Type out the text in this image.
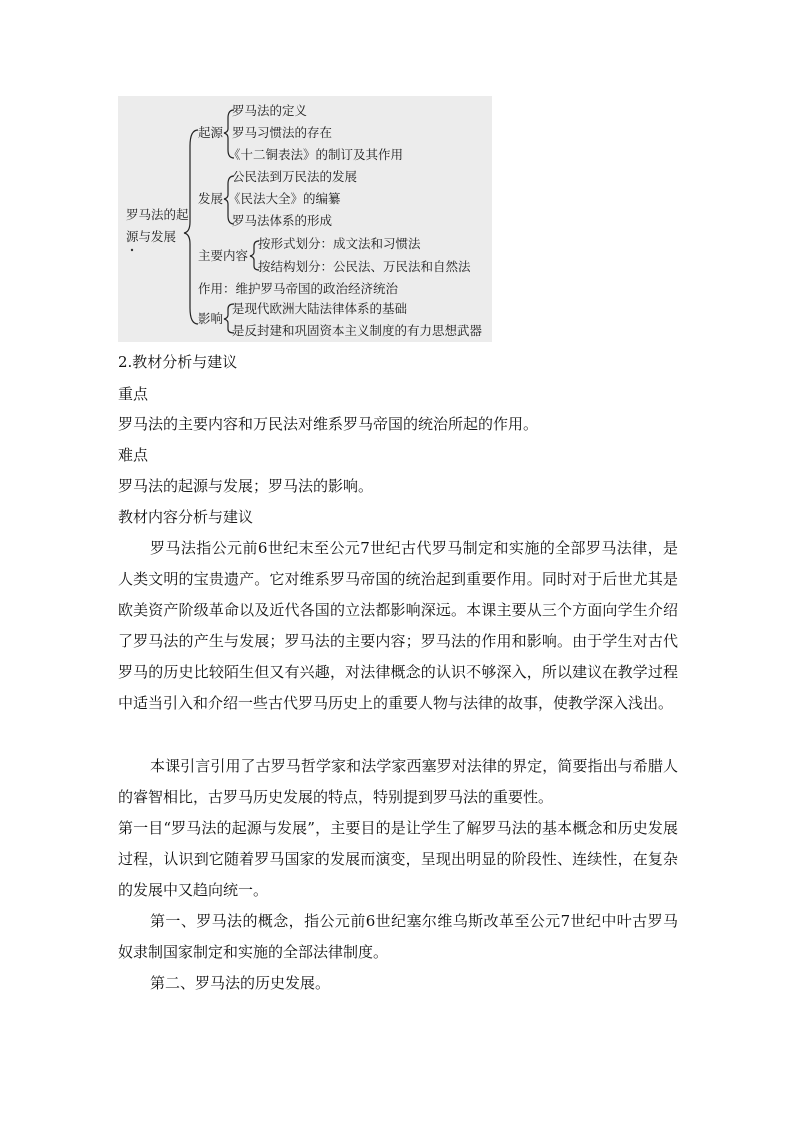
罗马法的起
源与发展
起源
罗马法的定义
罗马习惯法的存在
《十二铜表法》的制订及其作用
发展
公民法到万民法的发展
《民法大全》的编纂
罗马法体系的形成
主要内容
按形式划分：成文法和习惯法
按结构划分：公民法、万民法和自然法
作用：维护罗马帝国的政治经济统治
影响
是现代欧洲大陆法律体系的基础
是反封建和巩固资本主义制度的有力思想武器
2.教材分析与建议
重点
罗马法的主要内容和万民法对维系罗马帝国的统治所起的作用。
难点
罗马法的起源与发展；罗马法的影响。
教材内容分析与建议
罗马法指公元前6世纪末至公元7世纪古代罗马制定和实施的全部罗马法律，是人类文明的宝贵遗产。它对维系罗马帝国的统治起到重要作用。同时对于后世尤其是欧美资产阶级革命以及近代各国的立法都影响深远。本课主要从三个方面向学生介绍了罗马法的产生与发展；罗马法的主要内容；罗马法的作用和影响。由于学生对古代罗马的历史比较陌生但又有兴趣，对法律概念的认识不够深入，所以建议在教学过程中适当引入和介绍一些古代罗马历史上的重要人物与法律的故事，使教学深入浅出。
本课引言引用了古罗马哲学家和法学家西塞罗对法律的界定，简要指出与希腊人的睿智相比，古罗马历史发展的特点，特别提到罗马法的重要性。
第一目“罗马法的起源与发展”，主要目的是让学生了解罗马法的基本概念和历史发展过程，认识到它随着罗马国家的发展而演变，呈现出明显的阶段性、连续性，在复杂的发展中又趋向统一。
第一、罗马法的概念，指公元前6世纪塞尔维乌斯改革至公元7世纪中叶古罗马奴隶制国家制定和实施的全部法律制度。
第二、罗马法的历史发展。
